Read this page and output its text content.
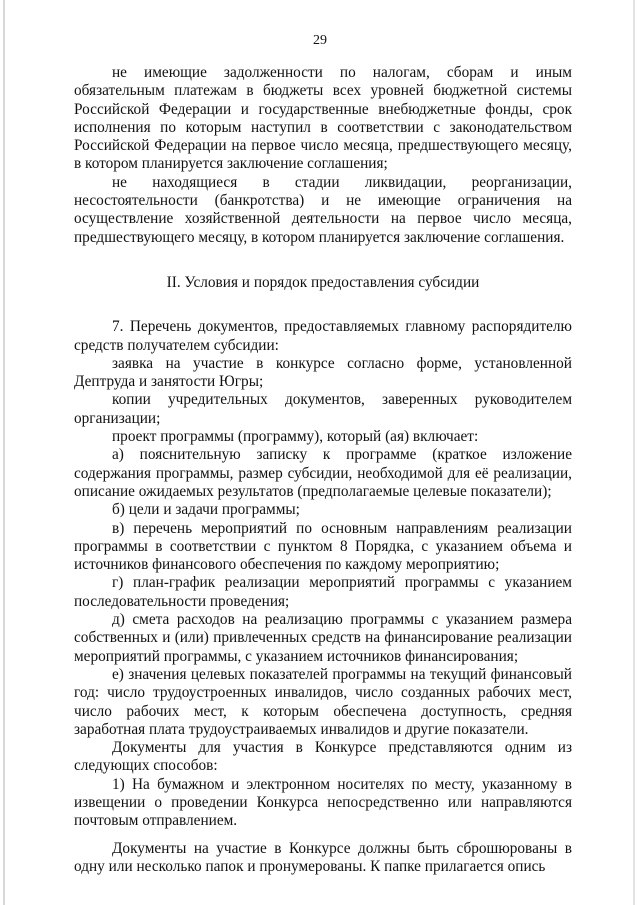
29

не имеющие задолженности по налогам, сборам и иным обязательным платежам в бюджеты всех уровней бюджетной системы Российской Федерации и государственные внебюджетные фонды, срок исполнения по которым наступил в соответствии с законодательством Российской Федерации на первое число месяца, предшествующего месяцу, в котором планируется заключение соглашения;

не находящиеся в стадии ликвидации, реорганизации, несостоятельности (банкротства) и не имеющие ограничения на осуществление хозяйственной деятельности на первое число месяца, предшествующего месяцу, в котором планируется заключение соглашения.

II. Условия и порядок предоставления субсидии

7. Перечень документов, предоставляемых главному распорядителю средств получателем субсидии:

заявка на участие в конкурсе согласно форме, установленной Дептруда и занятости Югры;

копии учредительных документов, заверенных руководителем организации;

проект программы (программу), который (ая) включает:

а) пояснительную записку к программе (краткое изложение содержания программы, размер субсидии, необходимой для её реализации, описание ожидаемых результатов (предполагаемые целевые показатели);

б) цели и задачи программы;

в) перечень мероприятий по основным направлениям реализации программы в соответствии с пунктом 8 Порядка, с указанием объема и источников финансового обеспечения по каждому мероприятию;

г) план-график реализации мероприятий программы с указанием последовательности проведения;

д) смета расходов на реализацию программы с указанием размера собственных и (или) привлеченных средств на финансирование реализации мероприятий программы, с указанием источников финансирования;

е) значения целевых показателей программы на текущий финансовый год: число трудоустроенных инвалидов, число созданных рабочих мест, число рабочих мест, к которым обеспечена доступность, средняя заработная плата трудоустраиваемых инвалидов и другие показатели.

Документы для участия в Конкурсе представляются одним из следующих способов:

1) На бумажном и электронном носителях по месту, указанному в извещении о проведении Конкурса непосредственно или направляются почтовым отправлением.

Документы на участие в Конкурсе должны быть сброшюрованы в одну или несколько папок и пронумерованы. К папке прилагается опись
